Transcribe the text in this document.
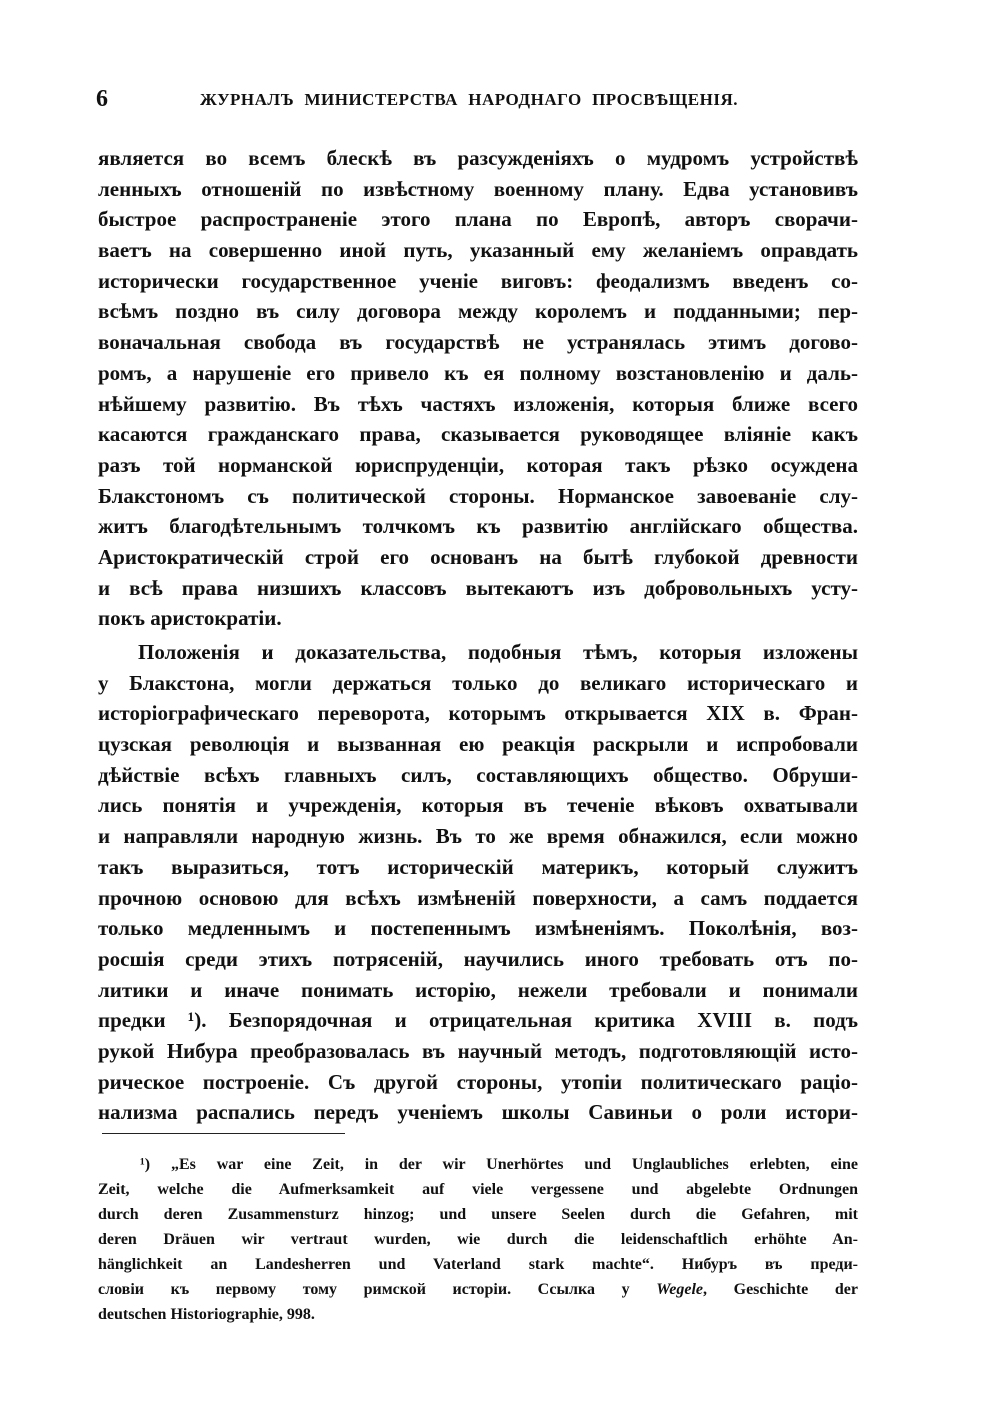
6	ЖУРНАЛЪ МИНИСТЕРСТВА НАРОДНАГО ПРОСВѢЩЕНІЯ.
является во всемъ блескѣ въ разсужденіяхъ о мудромъ устройствѣ
ленныхъ отношеній по извѣстному военному плану. Едва установивъ
быстрое распространеніе этого плана по Европѣ, авторъ сворачи-
ваетъ на совершенно иной путь, указанный ему желаніемъ оправдать
исторически государственное ученіе виговъ: феодализмъ введенъ со-
всѣмъ поздно въ силу договора между королемъ и подданными; пер-
воначальная свобода въ государствѣ не устранялась этимъ догово-
ромъ, а нарушеніе его привело къ ея полному возстановленію и даль-
нѣйшему развитію. Въ тѣхъ частяхъ изложенія, которыя ближе всего
касаются гражданскаго права, сказывается руководящее вліяніе какъ
разъ той норманской юриспруденціи, которая такъ рѣзко осуждена
Блакстономъ съ политической стороны. Норманское завоеваніе слу-
житъ благодѣтельнымъ толчкомъ къ развитію англійскаго общества.
Аристократическій строй его основанъ на бытѣ глубокой древности
и всѣ права низшихъ классовъ вытекаютъ изъ добровольныхъ усту-
покъ аристократіи.
Положенія и доказательства, подобныя тѣмъ, которыя изложены
у Блакстона, могли держаться только до великаго историческаго и
исторіографическаго переворота, которымъ открывается XIX в. Фран-
цузская революція и вызванная ею реакція раскрыли и испробовали
дѣйствіе всѣхъ главныхъ силъ, составляющихъ общество. Обруши-
лись понятія и учрежденія, которыя въ теченіе вѣковъ охватывали
и направляли народную жизнь. Въ то же время обнажился, если можно
такъ выразиться, тотъ историческій материкъ, который служитъ
прочною основою для всѣхъ измѣненій поверхности, а самъ поддается
только медленнымъ и постепеннымъ измѣненіямъ. Поколѣнія, воз-
росшія среди этихъ потрясеній, научились иного требовать отъ по-
литики и иначе понимать исторію, нежели требовали и понимали
предки ¹). Безпорядочная и отрицательная критика XVIII в. подъ
рукой Нибура преобразовалась въ научный методъ, подготовляющій исто-
рическое построеніе. Съ другой стороны, утопіи политическаго раціо-
нализма распались передъ ученіемъ школы Савиньи о роли истори-
¹) „Es war eine Zeit, in der wir Unerhörtes und Unglaubliches erlebten, eine
Zeit, welche die Aufmerksamkeit auf viele vergessene und abgelebte Ordnungen
durch deren Zusammensturz hinzog; und unsere Seelen durch die Gefahren, mit
deren Dräuen wir vertraut wurden, wie durch die leidenschaftlich erhöhte An-
hänglichkeit an Landesherren und Vaterland stark machte“. Нибуръ въ преди-
словіи къ первому тому римской исторіи. Ссылка у Wegele, Geschichte der
deutschen Historiographie, 998.
